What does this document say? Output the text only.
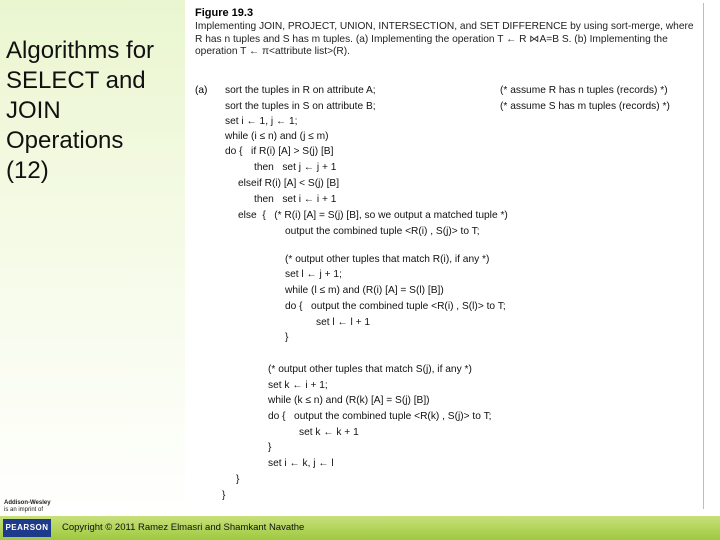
Algorithms for
SELECT and
JOIN
Operations
(12)
Addison-Wesley
is an imprint of
PEARSON Copyright © 2011 Ramez Elmasri and Shamkant Navathe
Figure 19.3
Implementing JOIN, PROJECT, UNION, INTERSECTION, and SET DIFFERENCE by using sort-merge, where R has n tuples and S has m tuples. (a) Implementing the operation T ← R ⋈A=B S. (b) Implementing the operation T ← π<attribute list>(R).
(a) sort the tuples in R on attribute A;
sort the tuples in S on attribute B;
set i ← 1, j ← 1;
while (i ≤ n) and (j ≤ m)
do {   if R(i) [A] > S(j) [B]
then   set j ← j + 1
elseif R(i) [A] < S(j) [B]
then   set i ← i + 1
else  {   (* R(i) [A] = S(j) [B], so we output a matched tuple *)
output the combined tuple <R(i) , S(j)> to T;
(* output other tuples that match R(i), if any *)
set l ← j + 1;
while (l ≤ m) and (R(i) [A] = S(l) [B])
do {   output the combined tuple <R(i) , S(l)> to T;
set l ← l + 1
}
(* output other tuples that match S(j), if any *)
set k ← i + 1;
while (k ≤ n) and (R(k) [A] = S(j) [B])
do {   output the combined tuple <R(k) , S(j)> to T;
set k ← k + 1
}
set i ← k, j ← l
}
}
(* assume R has n tuples (records) *)
(* assume S has m tuples (records) *)
